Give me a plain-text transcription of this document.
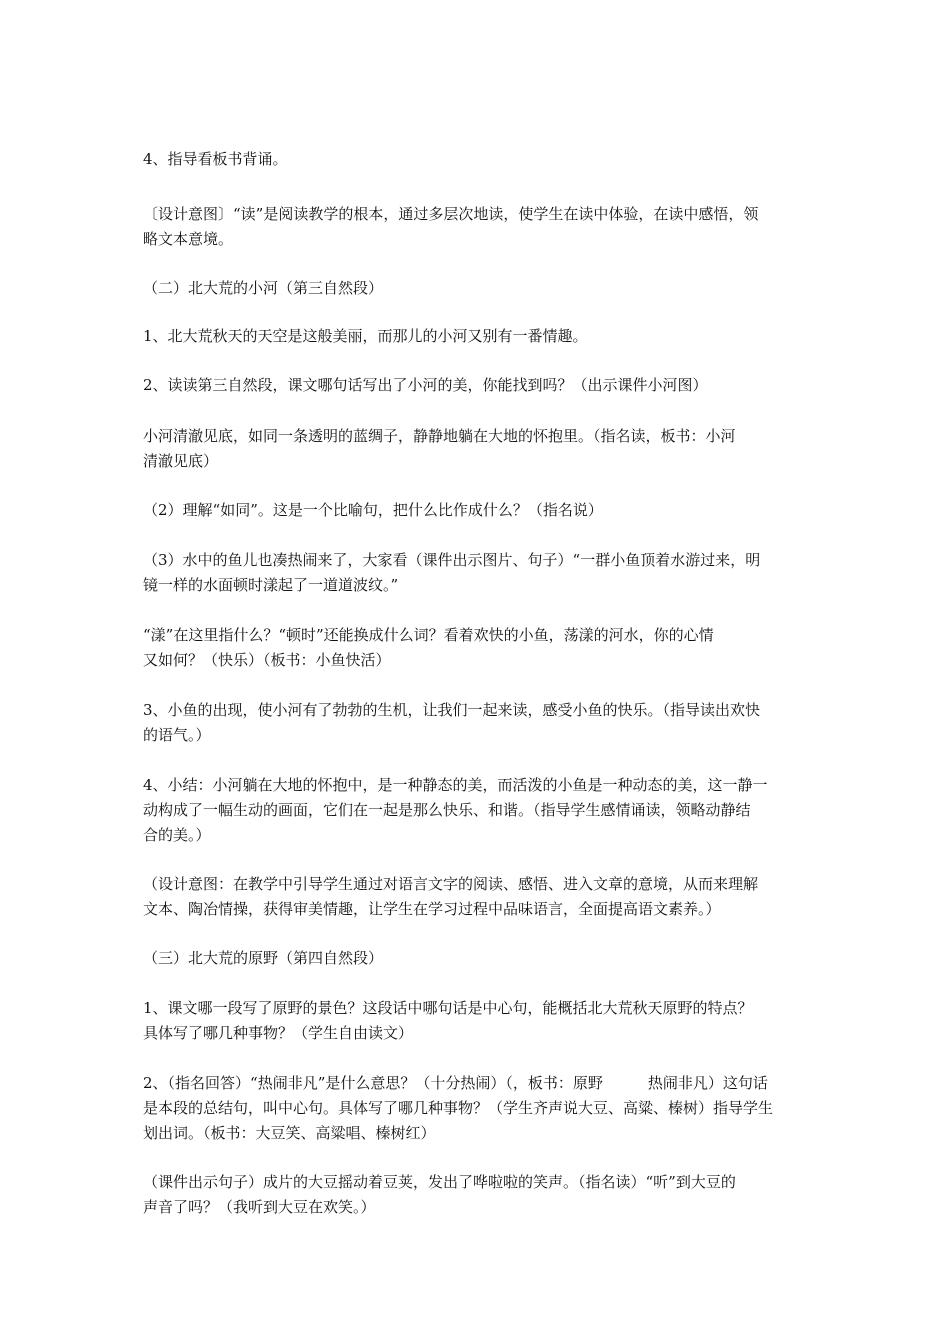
4、指导看板书背诵。

〔设计意图〕“读”是阅读教学的根本，通过多层次地读，使学生在读中体验，在读中感悟，领
略文本意境。

（二）北大荒的小河（第三自然段）

1、北大荒秋天的天空是这般美丽，而那儿的小河又别有一番情趣。

2、读读第三自然段，课文哪句话写出了小河的美，你能找到吗？（出示课件小河图）

小河清澈见底，如同一条透明的蓝绸子，静静地躺在大地的怀抱里。（指名读，板书：小河
清澈见底）

（2）理解“如同”。这是一个比喻句，把什么比作成什么？（指名说）

（3）水中的鱼儿也凑热闹来了，大家看（课件出示图片、句子）“一群小鱼顶着水游过来，明
镜一样的水面顿时漾起了一道道波纹。”

“漾”在这里指什么？“顿时”还能换成什么词？看着欢快的小鱼，荡漾的河水，你的心情
又如何？（快乐）（板书：小鱼快活）

3、小鱼的出现，使小河有了勃勃的生机，让我们一起来读，感受小鱼的快乐。（指导读出欢快
的语气。）

4、小结：小河躺在大地的怀抱中，是一种静态的美，而活泼的小鱼是一种动态的美，这一静一
动构成了一幅生动的画面，它们在一起是那么快乐、和谐。（指导学生感情诵读，领略动静结
合的美。）

（设计意图：在教学中引导学生通过对语言文字的阅读、感悟、进入文章的意境，从而来理解
文本、陶冶情操，获得审美情趣，让学生在学习过程中品味语言，全面提高语文素养。）

（三）北大荒的原野（第四自然段）

1、课文哪一段写了原野的景色？这段话中哪句话是中心句，能概括北大荒秋天原野的特点？
具体写了哪几种事物？（学生自由读文）

2、（指名回答）“热闹非凡”是什么意思？（十分热闹）（，板书：原野　　　热闹非凡）这句话
是本段的总结句，叫中心句。具体写了哪几种事物？（学生齐声说大豆、高粱、榛树）指导学生
划出词。（板书：大豆笑、高粱唱、榛树红）

（课件出示句子）成片的大豆摇动着豆荚，发出了哗啦啦的笑声。（指名读）“听”到大豆的
声音了吗？（我听到大豆在欢笑。）
